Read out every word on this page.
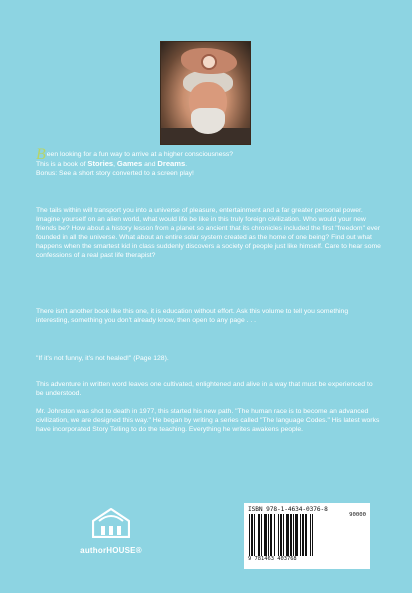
Been looking for a fun way to arrive at a higher consciousness?

This is a book of Stories, Games and Dreams.

Bonus: See a short story converted to a screen play!

The tails within will transport you into a universe of pleasure, entertainment and a far greater personal power. Imagine yourself on an alien world, what would life be like in this truly foreign civilization. Who would your new friends be? How about a history lesson from a planet so ancient that its chronicles included the first "freedom" ever founded in all the universe. What about an entire solar system created as the home of one being? Find out what happens when the smartest kid in class suddenly discovers a society of people just like himself. Care to hear some confessions of a real past life therapist?
There isn't another book like this one, it is education without effort. Ask this volume to tell you something interesting, something you don't already know, then open to any page . . .
"If it's not funny, it's not healed!" (Page 128).
This adventure in written word leaves one cultivated, enlightened and alive in a way that must be experienced to be understood.
Mr. Johnston was shot to death in 1977, this started his new path. "The human race is to become an advanced civilization, we are designed this way." He began by writing a series called "The language Codes." His latest works have incorporated Story Telling to do the teaching. Everything he writes awakens people.
authorHOUSE®
ISBN 978-1-4634-0376-8
90000
9 781463 403768
